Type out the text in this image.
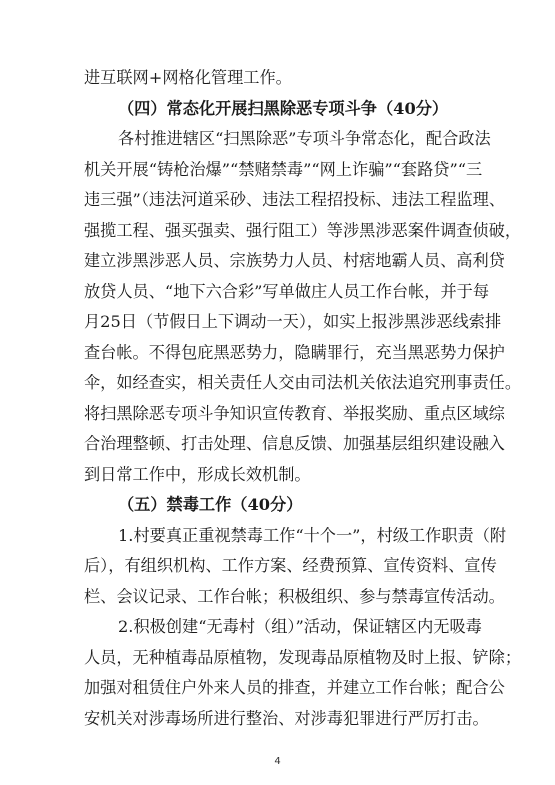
进互联网+网格化管理工作。
（四）常态化开展扫黑除恶专项斗争（40分）
各村推进辖区“扫黑除恶”专项斗争常态化，配合政法
机关开展“铸枪治爆”“禁赌禁毒”“网上诈骗”“套路贷”“三
违三强”（违法河道采砂、违法工程招投标、违法工程监理、
强揽工程、强买强卖、强行阻工）等涉黑涉恶案件调查侦破，
建立涉黑涉恶人员、宗族势力人员、村痞地霸人员、高利贷
放贷人员、“地下六合彩”写单做庄人员工作台帐，并于每
月25日（节假日上下调动一天），如实上报涉黑涉恶线索排
查台帐。不得包庇黑恶势力，隐瞒罪行，充当黑恶势力保护
伞，如经查实，相关责任人交由司法机关依法追究刑事责任。
将扫黑除恶专项斗争知识宣传教育、举报奖励、重点区域综
合治理整顿、打击处理、信息反馈、加强基层组织建设融入
到日常工作中，形成长效机制。
（五）禁毒工作（40分）
1.村要真正重视禁毒工作“十个一”，村级工作职责（附
后），有组织机构、工作方案、经费预算、宣传资料、宣传
栏、会议记录、工作台帐；积极组织、参与禁毒宣传活动。
2.积极创建“无毒村（组）”活动，保证辖区内无吸毒
人员，无种植毒品原植物，发现毒品原植物及时上报、铲除；
加强对租赁住户外来人员的排查，并建立工作台帐；配合公
安机关对涉毒场所进行整治、对涉毒犯罪进行严厉打击。
4
